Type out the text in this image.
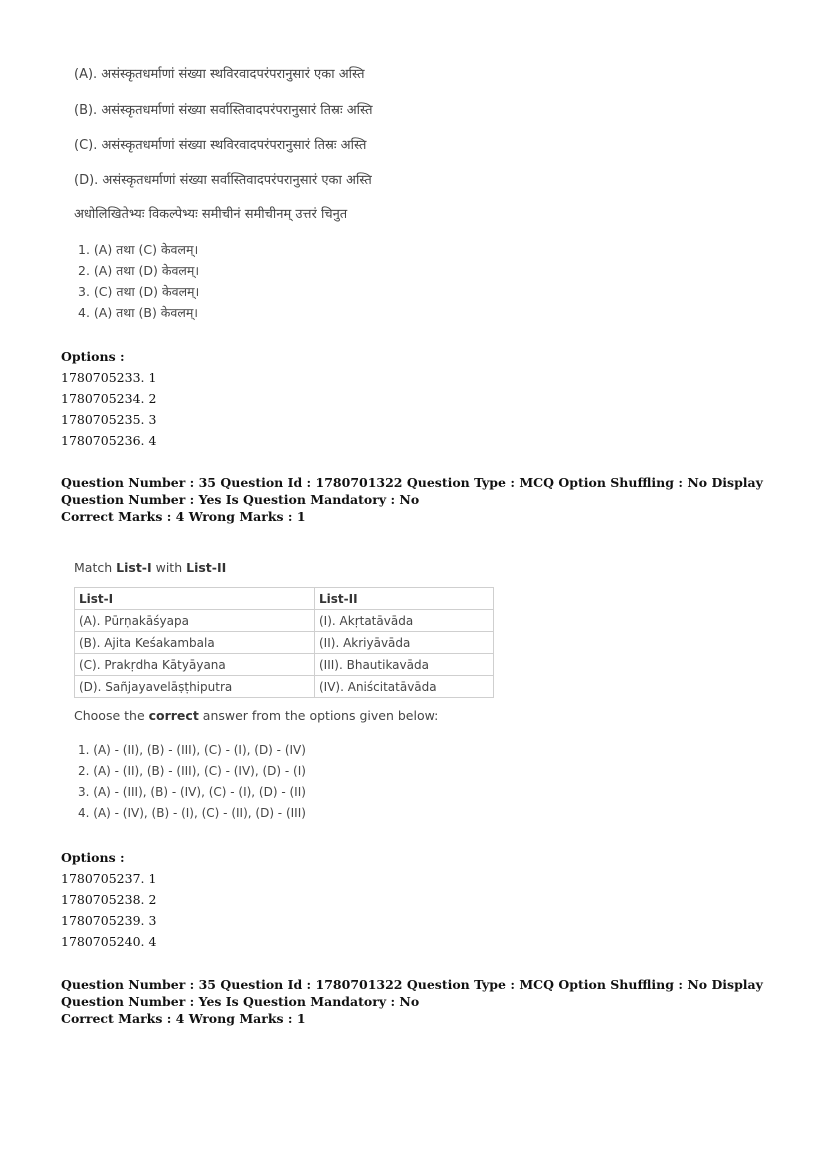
(A). असंस्कृतधर्माणां संख्या स्थविरवादपरंपरानुसारं एका अस्ति
(B). असंस्कृतधर्माणां संख्या सर्वास्तिवादपरंपरानुसारं तिस्रः अस्ति
(C). असंस्कृतधर्माणां संख्या स्थविरवादपरंपरानुसारं तिस्रः अस्ति
(D). असंस्कृतधर्माणां संख्या सर्वास्तिवादपरंपरानुसारं एका अस्ति
अधोलिखितेभ्यः विकल्पेभ्यः समीचीनं समीचीनम् उत्तरं चिनुत
1. (A) तथा (C) केवलम्।
2. (A) तथा (D) केवलम्।
3. (C) तथा (D) केवलम्।
4. (A) तथा (B) केवलम्।
Options :
1780705233. 1
1780705234. 2
1780705235. 3
1780705236. 4
Question Number : 35 Question Id : 1780701322 Question Type : MCQ Option Shuffling : No Display Question Number : Yes Is Question Mandatory : No
Correct Marks : 4 Wrong Marks : 1
Match List-I with List-II
List-I	List-II
(A). Pūrṇakāśyapa	(I). Akṛtatāvāda
(B). Ajita Keśakambala	(II). Akriyāvāda
(C). Prakṛdha Kātyāyana	(III). Bhautikavāda
(D). Sañjayavelāṣṭhiputra	(IV). Aniścitatāvāda
Choose the correct answer from the options given below:
1. (A) - (II), (B) - (III), (C) - (I), (D) - (IV)
2. (A) - (II), (B) - (III), (C) - (IV), (D) - (I)
3. (A) - (III), (B) - (IV), (C) - (I), (D) - (II)
4. (A) - (IV), (B) - (I), (C) - (II), (D) - (III)
Options :
1780705237. 1
1780705238. 2
1780705239. 3
1780705240. 4
Question Number : 35 Question Id : 1780701322 Question Type : MCQ Option Shuffling : No Display Question Number : Yes Is Question Mandatory : No
Correct Marks : 4 Wrong Marks : 1
